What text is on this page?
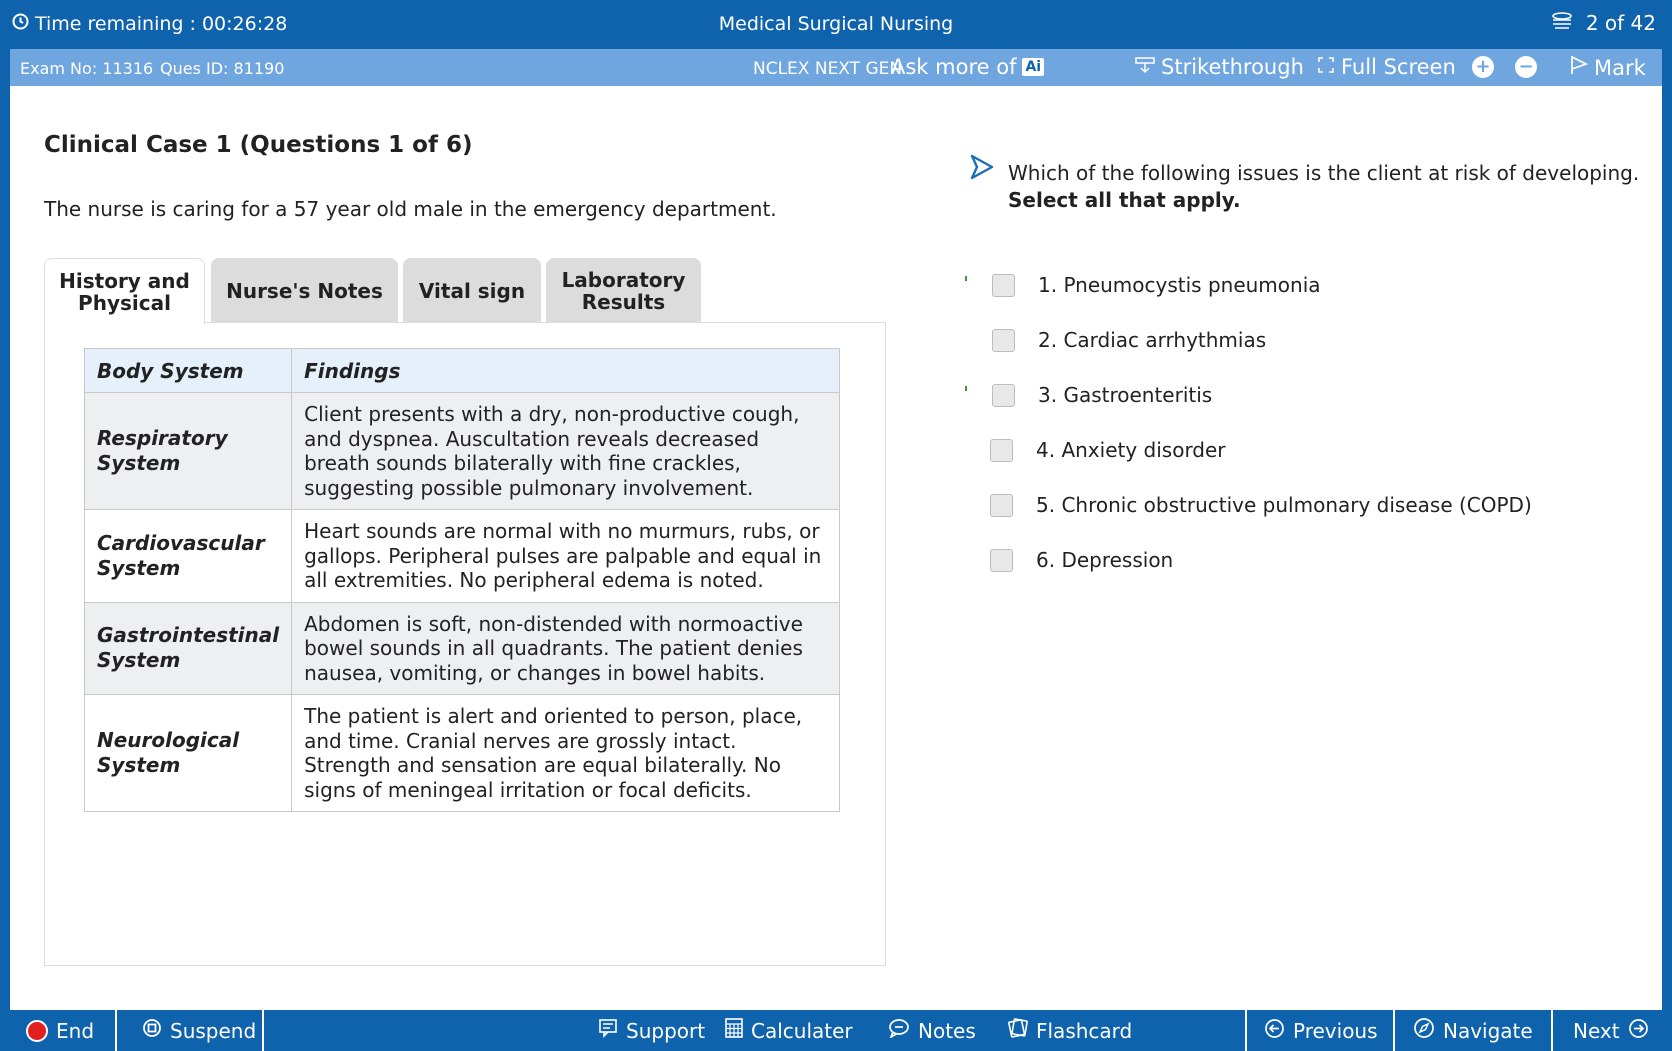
Time remaining : 00:26:28	Medical Surgical Nursing	2 of 42
Exam No: 11316 Ques ID: 81190	NCLEX NEXT GEN
Ask more of Ai	Strikethrough Full Screen + −	Mark
Clinical Case 1 (Questions 1 of 6)
The nurse is caring for a 57 year old male in the emergency department.
History and
Physical	Nurse's Notes Vital sign Laboratory
Results
Body System	Findings
Respiratory
System	Client presents with a dry, non-productive cough, and dyspnea. Auscultation reveals decreased breath sounds bilaterally with fine crackles, suggesting possible pulmonary involvement.
Cardiovascular
System	Heart sounds are normal with no murmurs, rubs, or gallops. Peripheral pulses are palpable and equal in all extremities. No peripheral edema is noted.
Gastrointestinal
System	Abdomen is soft, non-distended with normoactive bowel sounds in all quadrants. The patient denies nausea, vomiting, or changes in bowel habits.
Neurological
System	The patient is alert and oriented to person, place, and time. Cranial nerves are grossly intact. Strength and sensation are equal bilaterally. No signs of meningeal irritation or focal deficits.
Which of the following issues is the client at risk of developing.
Select all that apply.
1. Pneumocystis pneumonia
2. Cardiac arrhythmias
3. Gastroenteritis
4. Anxiety disorder
5. Chronic obstructive pulmonary disease (COPD)
6. Depression
End	Suspend	Support Calculater	Notes	Flashcard	Previous	Navigate Next
